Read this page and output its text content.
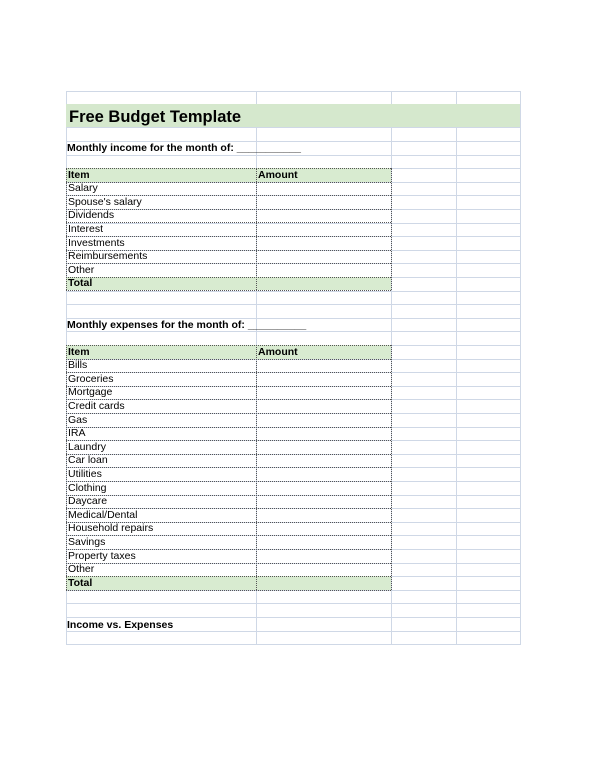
Free Budget Template
Monthly income for the month of: ___________
Item	Amount
Salary
Spouse's salary
Dividends
Interest
Investments
Reimbursements
Other
Total
Monthly expenses for the month of: __________
Item	Amount
Bills
Groceries
Mortgage
Credit cards
Gas
IRA
Laundry
Car loan
Utilities
Clothing
Daycare
Medical/Dental
Household repairs
Savings
Property taxes
Other
Total
Income vs. Expenses
